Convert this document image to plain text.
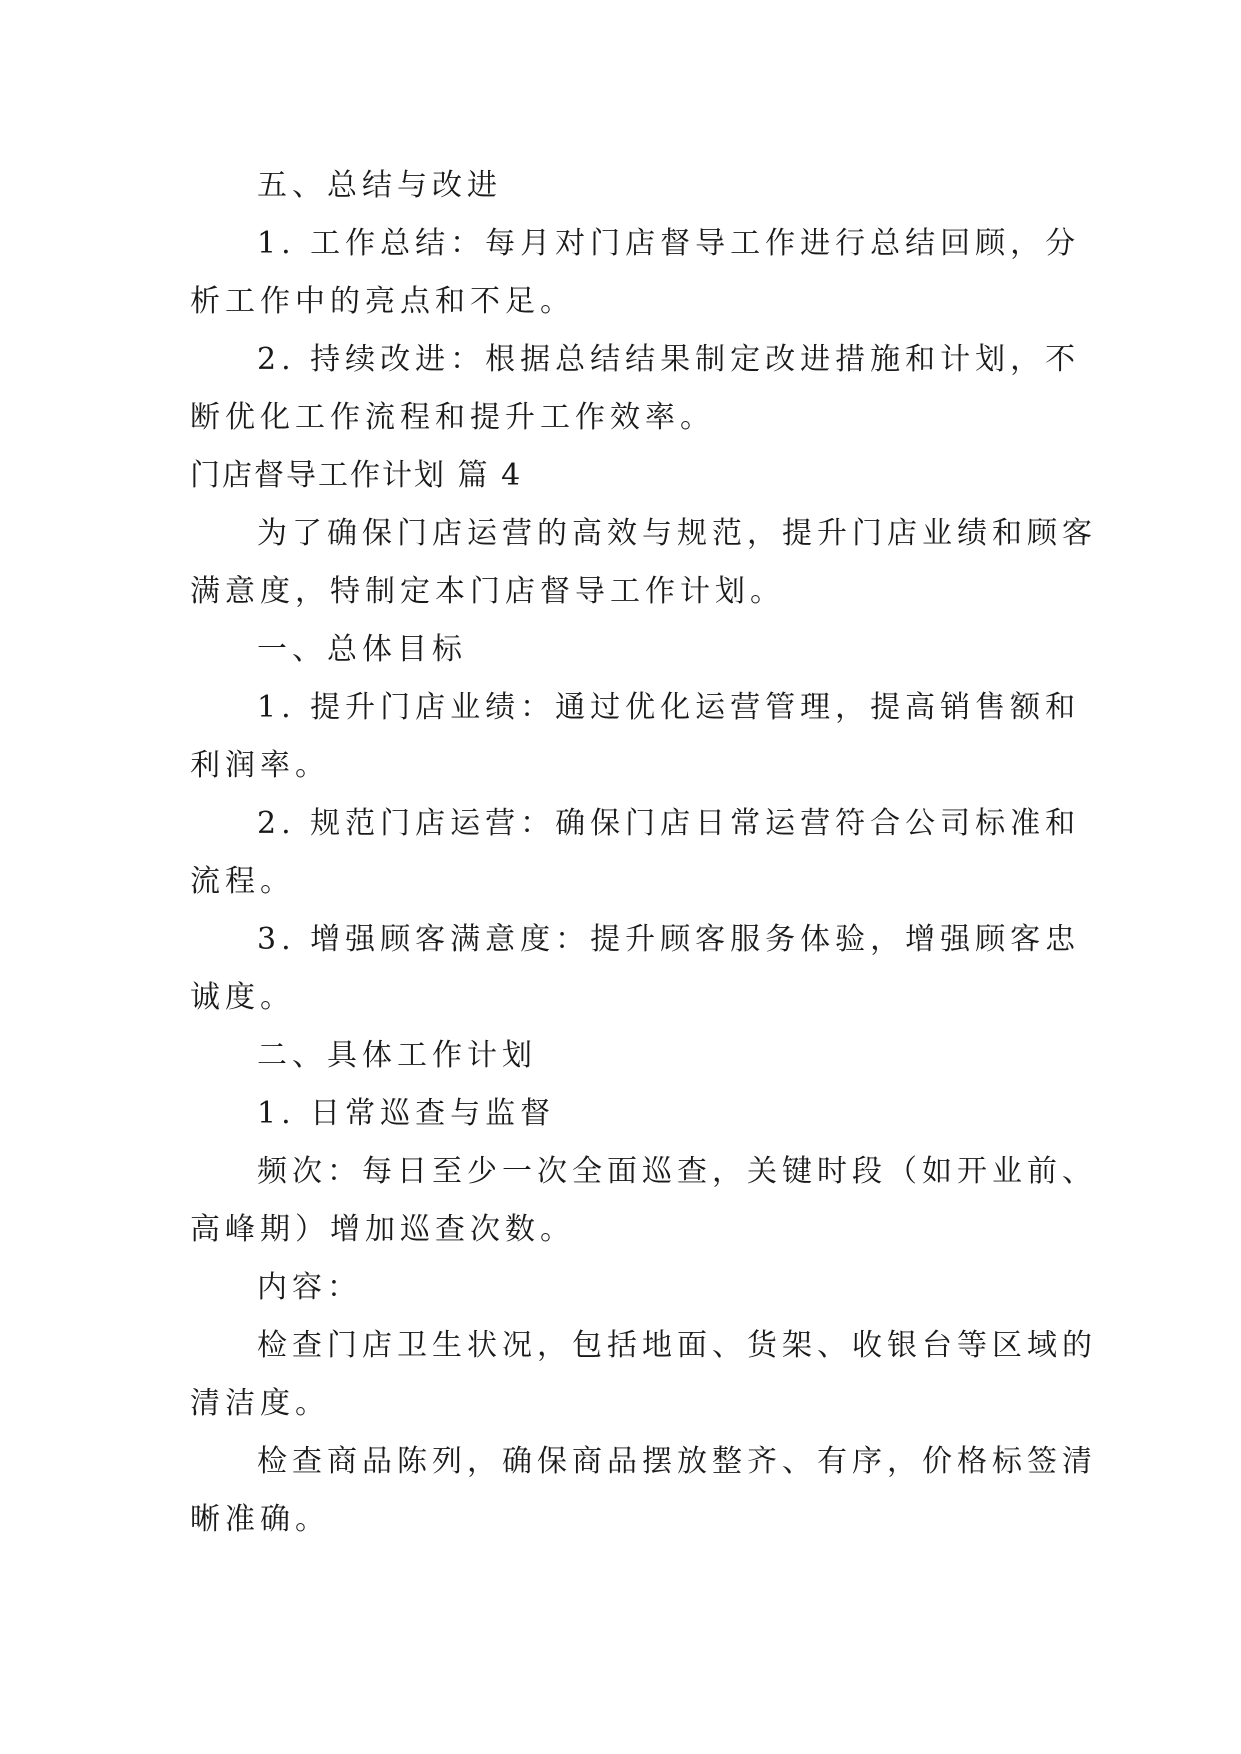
五、总结与改进
1. 工作总结：每月对门店督导工作进行总结回顾，分
析工作中的亮点和不足。
2. 持续改进：根据总结结果制定改进措施和计划，不
断优化工作流程和提升工作效率。
门店督导工作计划 篇 4
为了确保门店运营的高效与规范，提升门店业绩和顾客
满意度，特制定本门店督导工作计划。
一、总体目标
1. 提升门店业绩：通过优化运营管理，提高销售额和
利润率。
2. 规范门店运营：确保门店日常运营符合公司标准和
流程。
3. 增强顾客满意度：提升顾客服务体验，增强顾客忠
诚度。
二、具体工作计划
1. 日常巡查与监督
频次：每日至少一次全面巡查，关键时段（如开业前、
高峰期）增加巡查次数。
内容：
检查门店卫生状况，包括地面、货架、收银台等区域的
清洁度。
检查商品陈列，确保商品摆放整齐、有序，价格标签清
晰准确。
